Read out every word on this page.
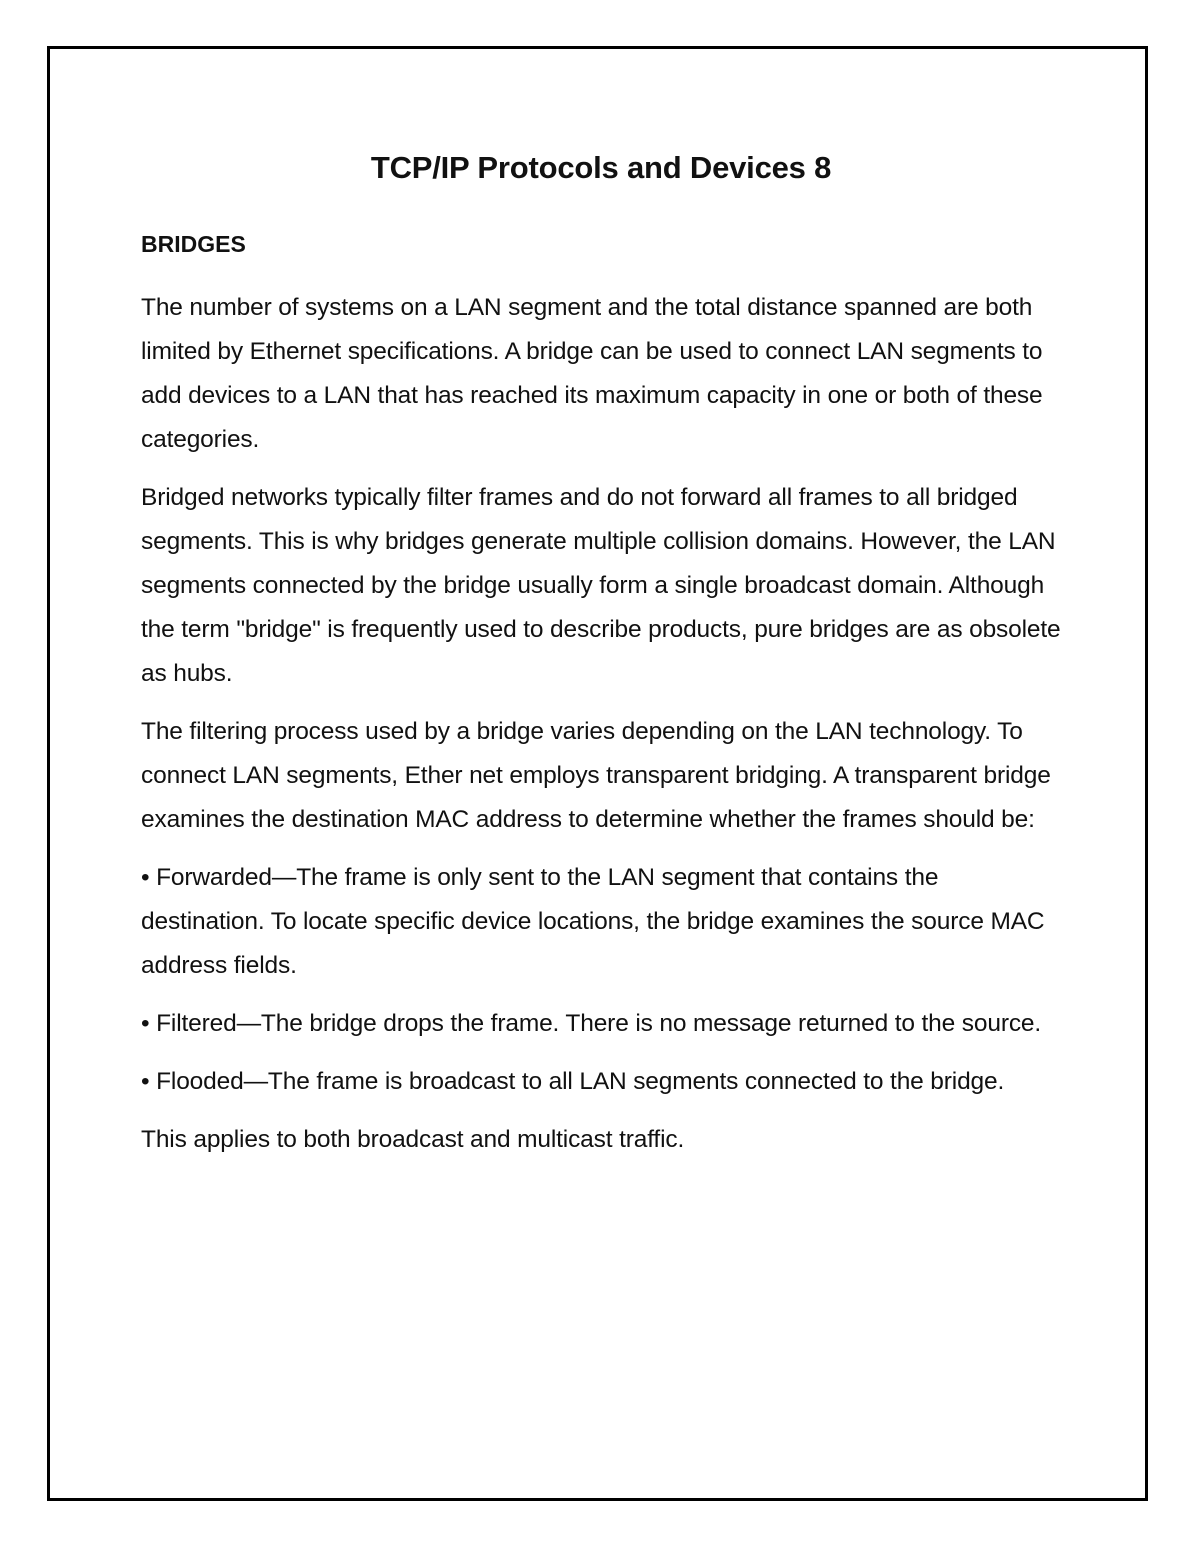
TCP/IP Protocols and Devices 8
BRIDGES

The number of systems on a LAN segment and the total distance spanned are both limited by Ethernet specifications. A bridge can be used to connect LAN segments to add devices to a LAN that has reached its maximum capacity in one or both of these categories.

Bridged networks typically filter frames and do not forward all frames to all bridged segments. This is why bridges generate multiple collision domains. However, the LAN segments connected by the bridge usually form a single broadcast domain. Although the term "bridge" is frequently used to describe products, pure bridges are as obsolete as hubs.

The filtering process used by a bridge varies depending on the LAN technology. To connect LAN segments, Ether net employs transparent bridging. A transparent bridge examines the destination MAC address to determine whether the frames should be:

• Forwarded—The frame is only sent to the LAN segment that contains the destination. To locate specific device locations, the bridge examines the source MAC address fields.

• Filtered—The bridge drops the frame. There is no message returned to the source.

• Flooded—The frame is broadcast to all LAN segments connected to the bridge.

This applies to both broadcast and multicast traffic.
